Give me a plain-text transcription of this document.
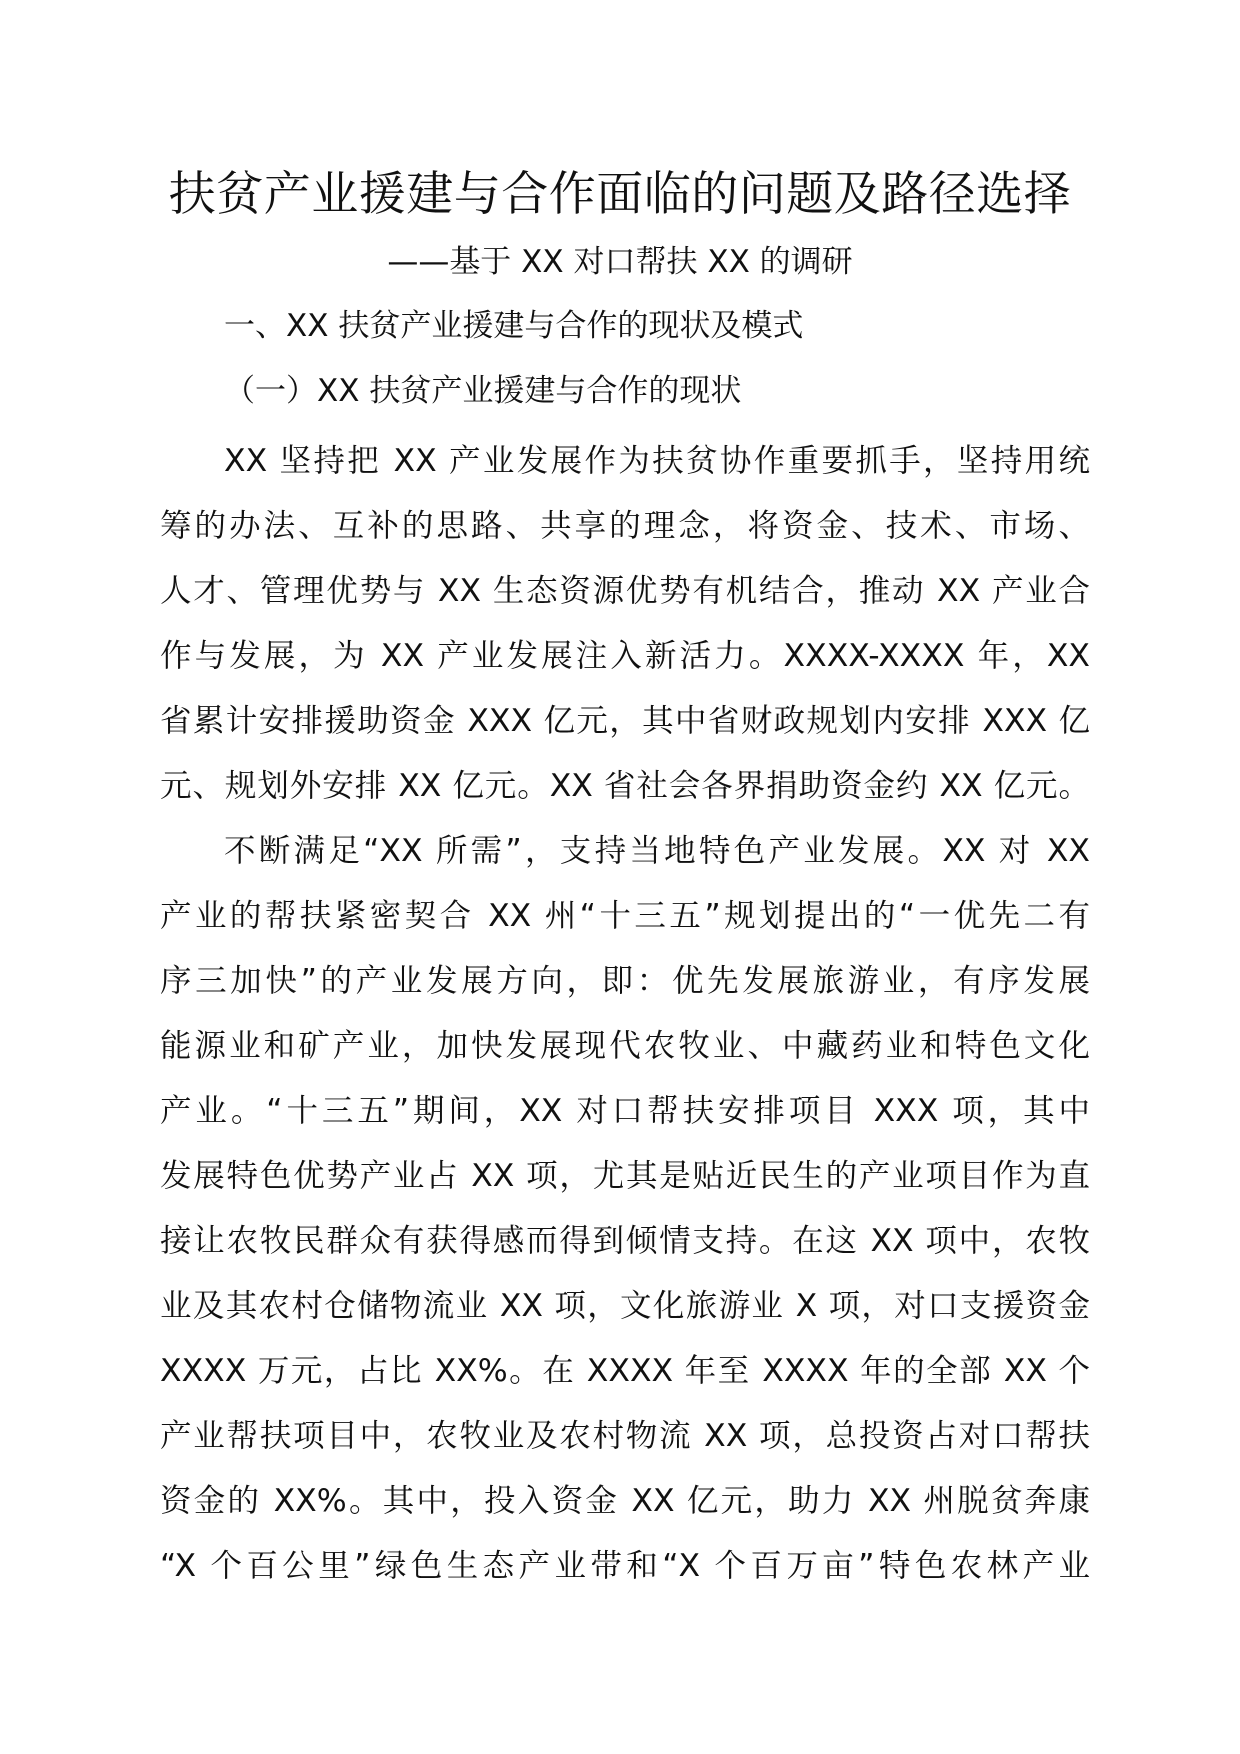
扶贫产业援建与合作面临的问题及路径选择
——基于 XX 对口帮扶 XX 的调研
一、XX 扶贫产业援建与合作的现状及模式
（一）XX 扶贫产业援建与合作的现状
XX 坚持把 XX 产业发展作为扶贫协作重要抓手，坚持用统
筹的办法、互补的思路、共享的理念，将资金、技术、市场、
人才、管理优势与 XX 生态资源优势有机结合，推动 XX 产业合
作与发展，为 XX 产业发展注入新活力。XXXX-XXXX 年，XX
省累计安排援助资金 XXX 亿元，其中省财政规划内安排 XXX 亿
元、规划外安排 XX 亿元。XX 省社会各界捐助资金约 XX 亿元。
不断满足“XX 所需”，支持当地特色产业发展。XX 对 XX
产业的帮扶紧密契合 XX 州“十三五”规划提出的“一优先二有
序三加快”的产业发展方向，即：优先发展旅游业，有序发展
能源业和矿产业，加快发展现代农牧业、中藏药业和特色文化
产业。“十三五”期间，XX 对口帮扶安排项目 XXX 项，其中
发展特色优势产业占 XX 项，尤其是贴近民生的产业项目作为直
接让农牧民群众有获得感而得到倾情支持。在这 XX 项中，农牧
业及其农村仓储物流业 XX 项，文化旅游业 X 项，对口支援资金
XXXX 万元，占比 XX%。在 XXXX 年至 XXXX 年的全部 XX 个
产业帮扶项目中，农牧业及农村物流 XX 项，总投资占对口帮扶
资金的 XX%。其中，投入资金 XX 亿元，助力 XX 州脱贫奔康
“X 个百公里”绿色生态产业带和“X 个百万亩”特色农林产业
